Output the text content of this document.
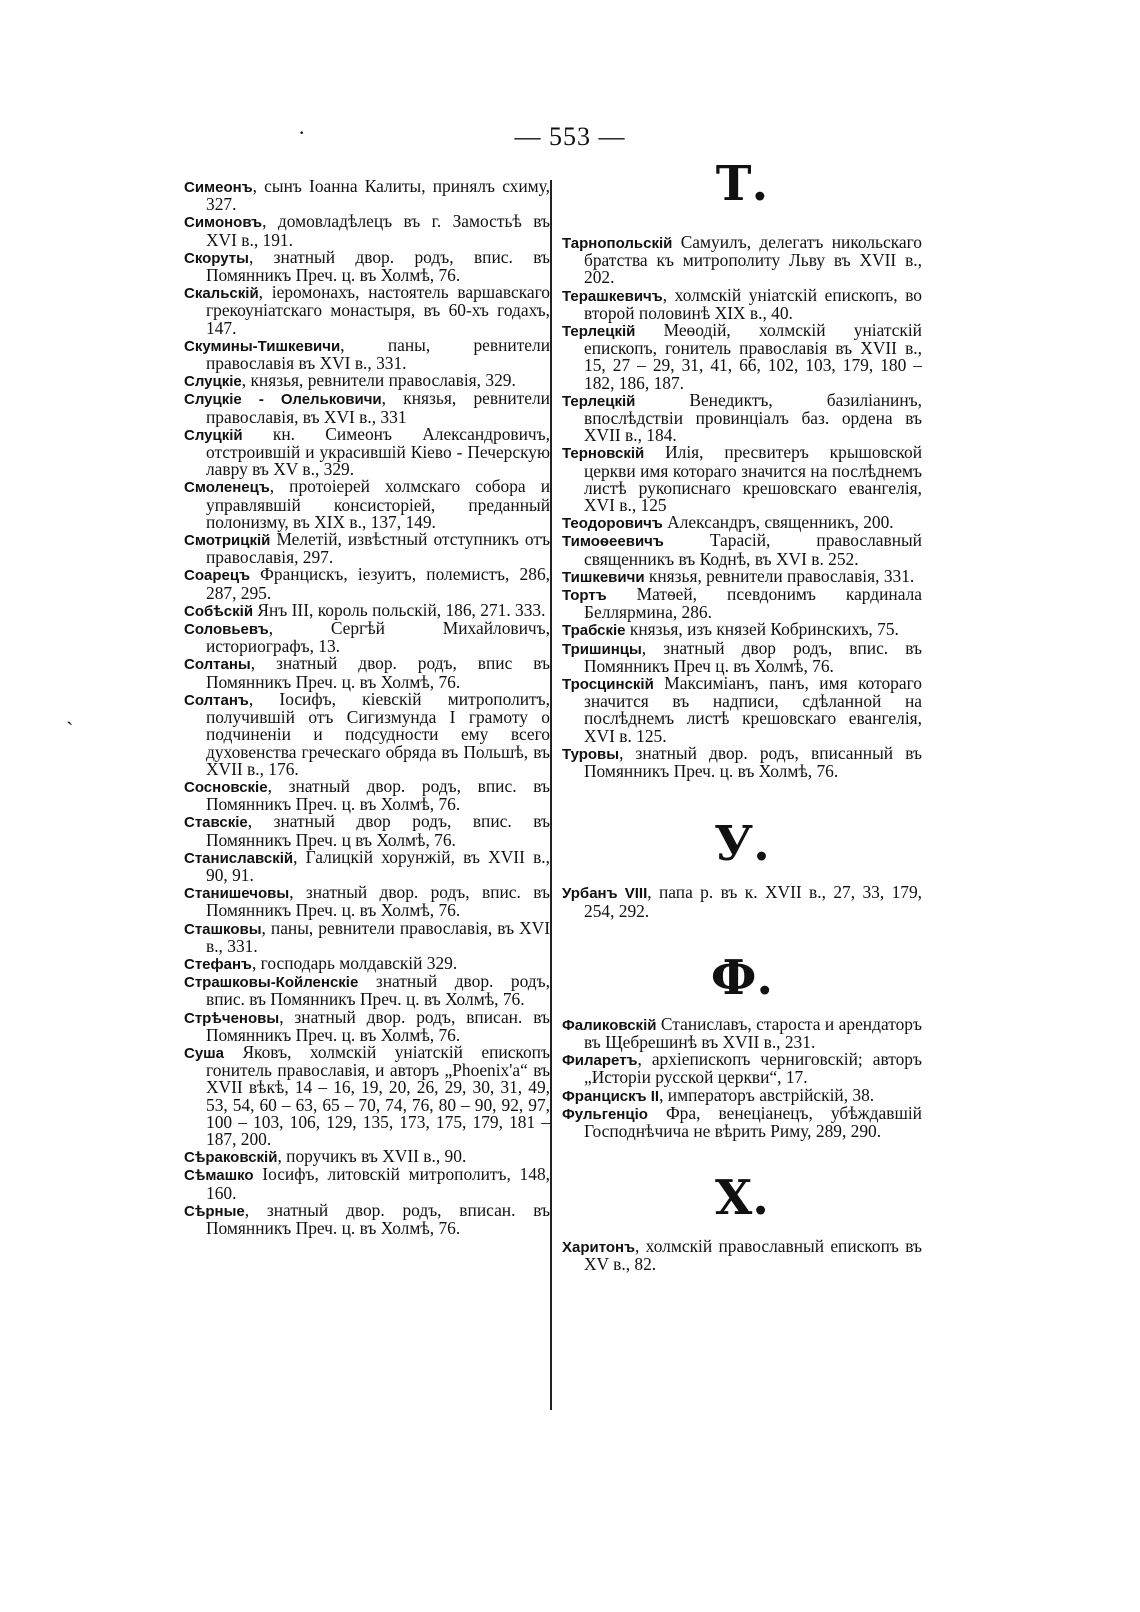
— 553 —
·
ˏ

Симеонъ, сынъ Іоанна Калиты, принялъ схиму, 327.

Симоновъ, домовладѣлецъ въ г. Замостьѣ въ XVI в., 191.

Скоруты, знатный двор. родъ, впис. въ Помянникъ Преч. ц. въ Холмѣ, 76.

Скальскій, іеромонахъ, настоятель варшавскаго грекоуніатскаго монастыря, въ 60-хъ годахъ, 147.

Скумины-Тишкевичи, паны, ревнители православія въ XVI в., 331.

Слуцкіе, князья, ревнители православія, 329.

Слуцкіе - Олельковичи, князья, ревнители православія, въ XVI в., 331

Слуцкій кн. Симеонъ Александровичъ, отстроившій и украсившій Кіево - Печерскую лавру въ XV в., 329.

Смоленецъ, протоіерей холмскаго собора и управлявшій консисторіей, преданный полонизму, въ XIX в., 137, 149.

Смотрицкій Мелетій, извѣстный отступникъ отъ православія, 297.

Соарецъ Францискъ, іезуитъ, полемистъ, 286, 287, 295.

Собѣскій Янъ III, король польскій, 186, 271. 333.

Соловьевъ, Сергѣй Михайловичъ, историографъ, 13.

Солтаны, знатный двор. родъ, впис въ Помянникъ Преч. ц. въ Холмѣ, 76.

Солтанъ, Іосифъ, кіевскій митрополитъ, получившій отъ Сигизмунда I грамоту о подчиненіи и подсудности ему всего духовенства греческаго обряда въ Польшѣ, въ XVII в., 176.

Сосновскіе, знатный двор. родъ, впис. въ Помянникъ Преч. ц. въ Холмѣ, 76.

Ставскіе, знатный двор родъ, впис. въ Помянникъ Преч. ц въ Холмѣ, 76.

Станиславскій, Галицкій хорунжій, въ XVII в., 90, 91.

Станишечовы, знатный двор. родъ, впис. въ Помянникъ Преч. ц. въ Холмѣ, 76.

Сташковы, паны, ревнители православія, въ XVI в., 331.

Стефанъ, господарь молдавскій 329.

Страшковы-Койленскіе знатный двор. родъ, впис. въ Помянникъ Преч. ц. въ Холмѣ, 76.

Стрѣченовы, знатный двор. родъ, вписан. въ Помянникъ Преч. ц. въ Холмѣ, 76.

Суша Яковъ, холмскій уніатскій епископъ гонитель православія, и авторъ „Phoenix'a“ въ XVII вѣкѣ, 14 – 16, 19, 20, 26, 29, 30, 31, 49, 53, 54, 60 – 63, 65 – 70, 74, 76, 80 – 90, 92, 97, 100 – 103, 106, 129, 135, 173, 175, 179, 181 – 187, 200.

Сѣраковскій, поручикъ въ XVII в., 90.

Сѣмашко Іосифъ, литовскій митрополитъ, 148, 160.

Сѣрные, знатный двор. родъ, вписан. въ Помянникъ Преч. ц. въ Холмѣ, 76.

Т.

Тарнопольскій Самуилъ, делегатъ никольскаго братства къ митрополиту Льву въ XVII в., 202.

Терашкевичъ, холмскій уніатскій епископъ, во второй половинѣ XIX в., 40.

Терлецкій Меѳодій, холмскій уніатскій епископъ, гонитель православія въ XVII в., 15, 27 – 29, 31, 41, 66, 102, 103, 179, 180 – 182, 186, 187.

Терлецкій Венедиктъ, базиліанинъ, впослѣдствіи провинціалъ баз. ордена въ XVII в., 184.

Терновскій Илія, пресвитеръ крышовской церкви имя котораго значится на послѣднемъ листѣ рукописнаго крешовскаго евангелія, XVI в., 125

Теодоровичъ Александръ, священникъ, 200.

Тимоѳеевичъ Тарасій, православный священникъ въ Коднѣ, въ XVI в. 252.

Тишкевичи князья, ревнители православія, 331.

Тортъ Матѳей, псевдонимъ кардинала Беллярмина, 286.

Трабскіе князья, изъ князей Кобринскихъ, 75.

Тришинцы, знатный двор родъ, впис. въ Помянникъ Преч ц. въ Холмѣ, 76.

Тросцинскій Максиміанъ, панъ, имя котораго значится въ надписи, сдѣланной на послѣднемъ листѣ крешовскаго евангелія, XVI в. 125.

Туровы, знатный двор. родъ, вписанный въ Помянникъ Преч. ц. въ Холмѣ, 76.

У.

Урбанъ VIII, папа р. въ к. XVII в., 27, 33, 179, 254, 292.

Ф.

Фаликовскій Станиславъ, староста и арендаторъ въ Щебрешинѣ въ XVII в., 231.

Филаретъ, архіепископъ черниговскій; авторъ „Исторіи русской церкви“, 17.

Францискъ II, императоръ австрійскій, 38.

Фульгенціо Фра, венеціанецъ, убѣждавшій Господнѣчича не вѣрить Риму, 289, 290.

Х.

Харитонъ, холмскій православный епископъ въ XV в., 82.
